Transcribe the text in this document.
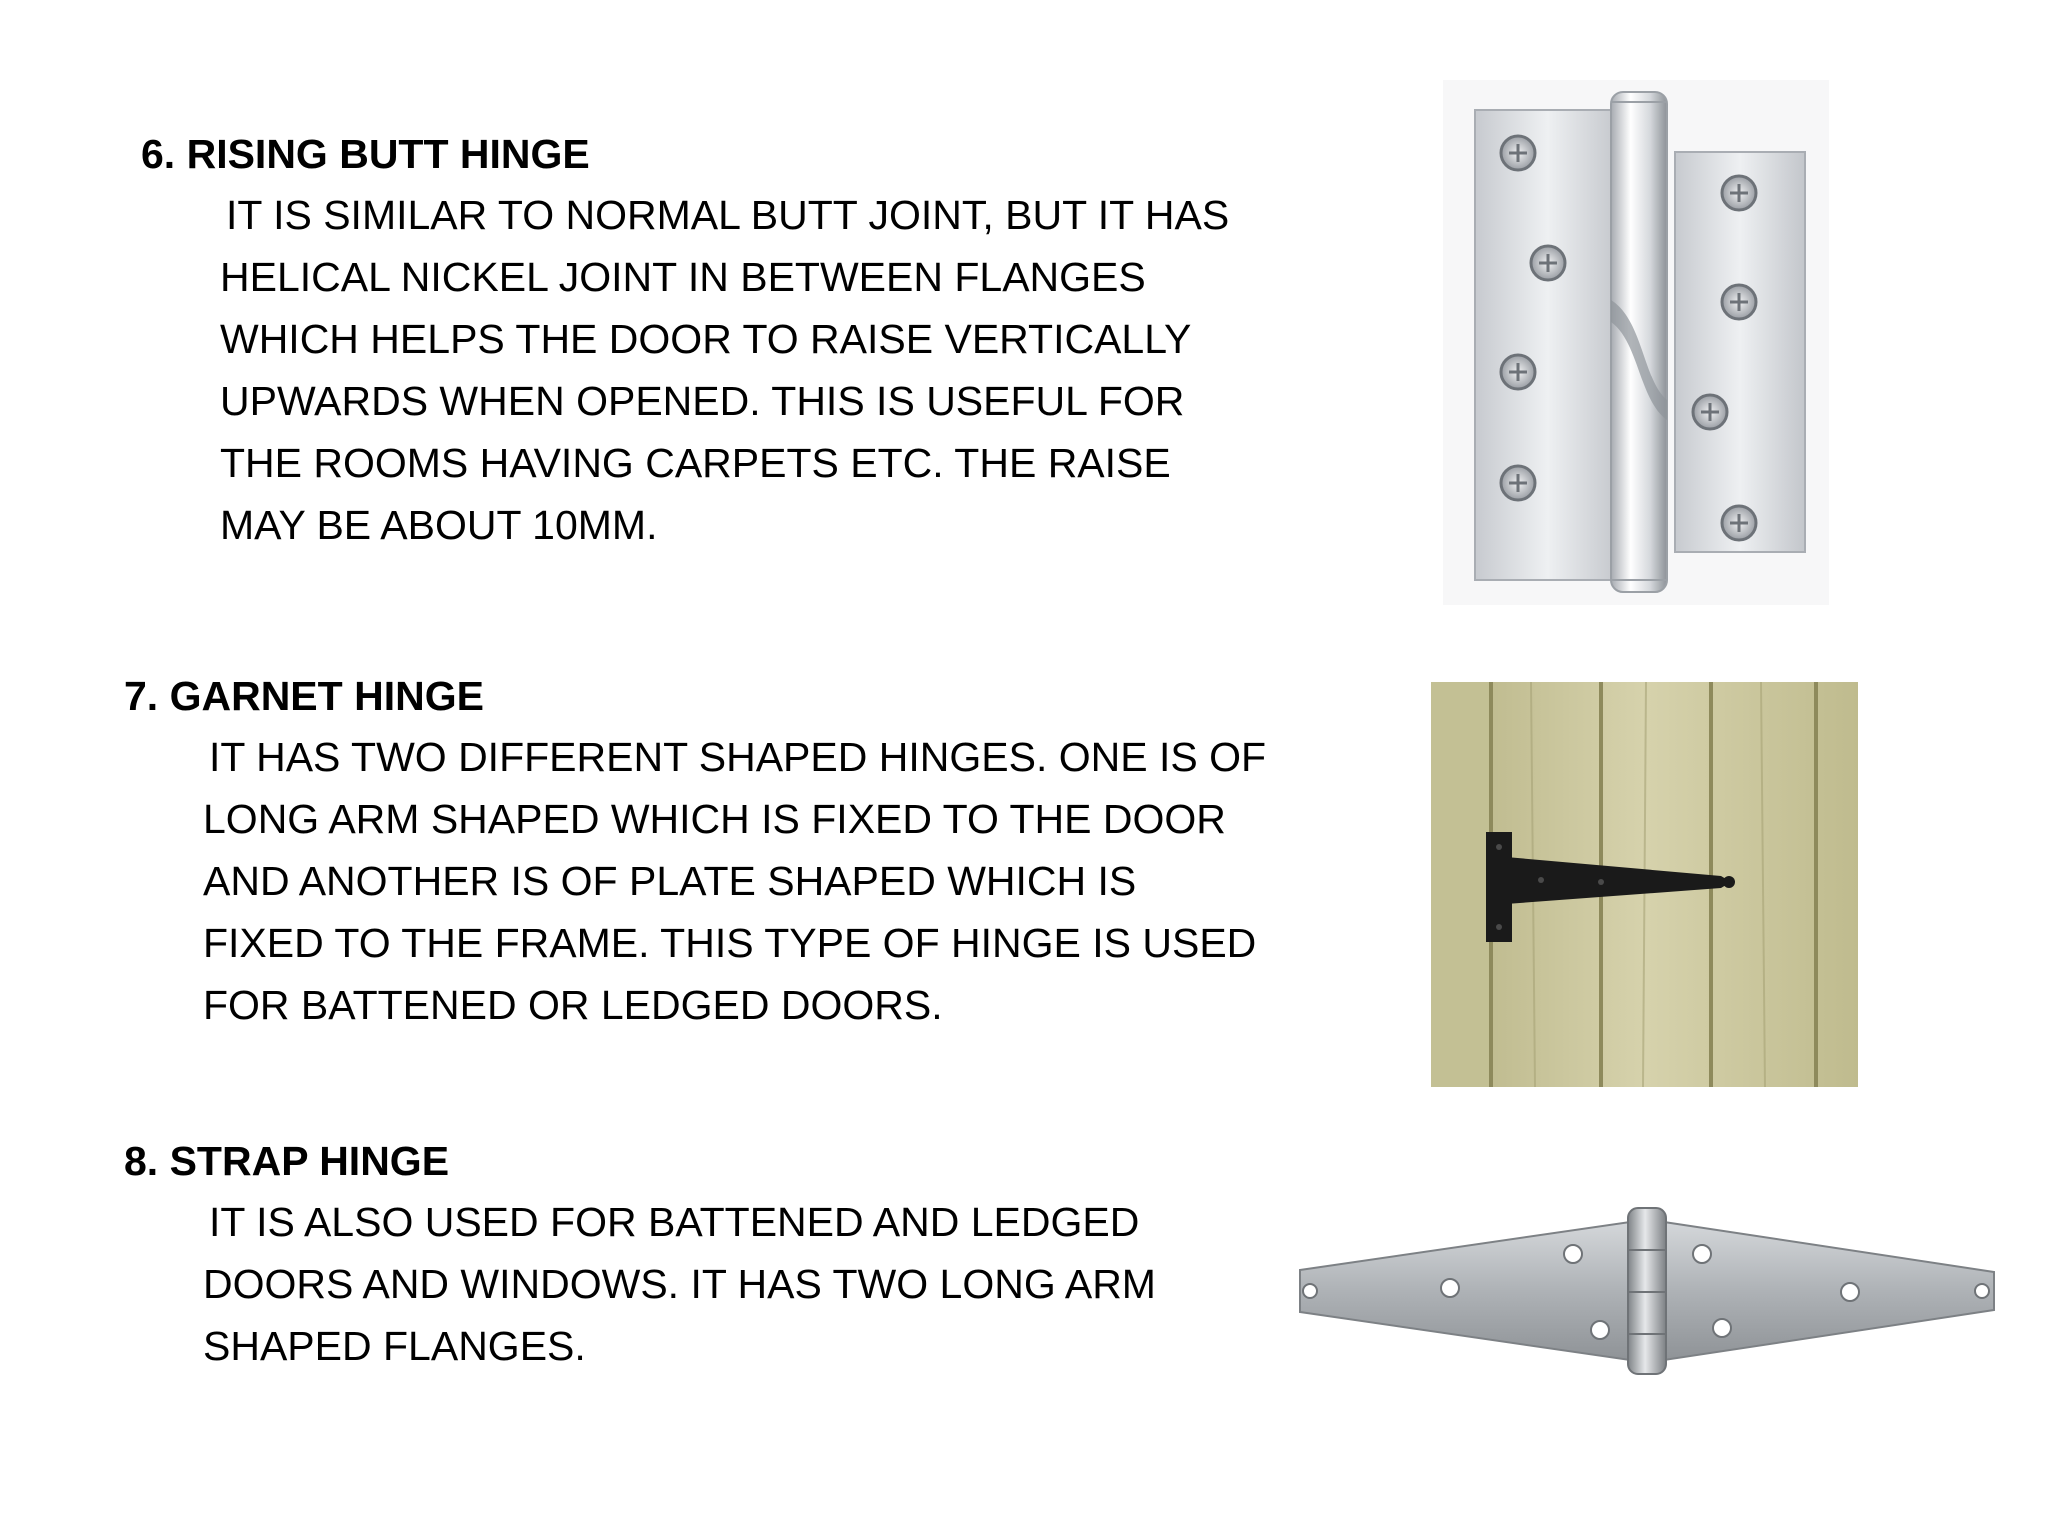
6. RISING BUTT HINGE

IT IS SIMILAR TO NORMAL BUTT JOINT, BUT IT HAS
HELICAL NICKEL JOINT IN BETWEEN FLANGES
WHICH HELPS THE DOOR TO RAISE VERTICALLY
UPWARDS WHEN OPENED. THIS IS USEFUL FOR
THE ROOMS HAVING CARPETS ETC. THE RAISE
MAY BE ABOUT 10MM.

7. GARNET HINGE

IT HAS TWO DIFFERENT SHAPED HINGES. ONE IS OF
LONG ARM SHAPED WHICH IS FIXED TO THE DOOR
AND ANOTHER IS OF PLATE SHAPED WHICH IS
FIXED TO THE FRAME. THIS TYPE OF HINGE IS USED
FOR BATTENED OR LEDGED DOORS.

8. STRAP HINGE

IT IS ALSO USED FOR BATTENED AND LEDGED
DOORS AND WINDOWS. IT HAS TWO LONG ARM
SHAPED FLANGES.
